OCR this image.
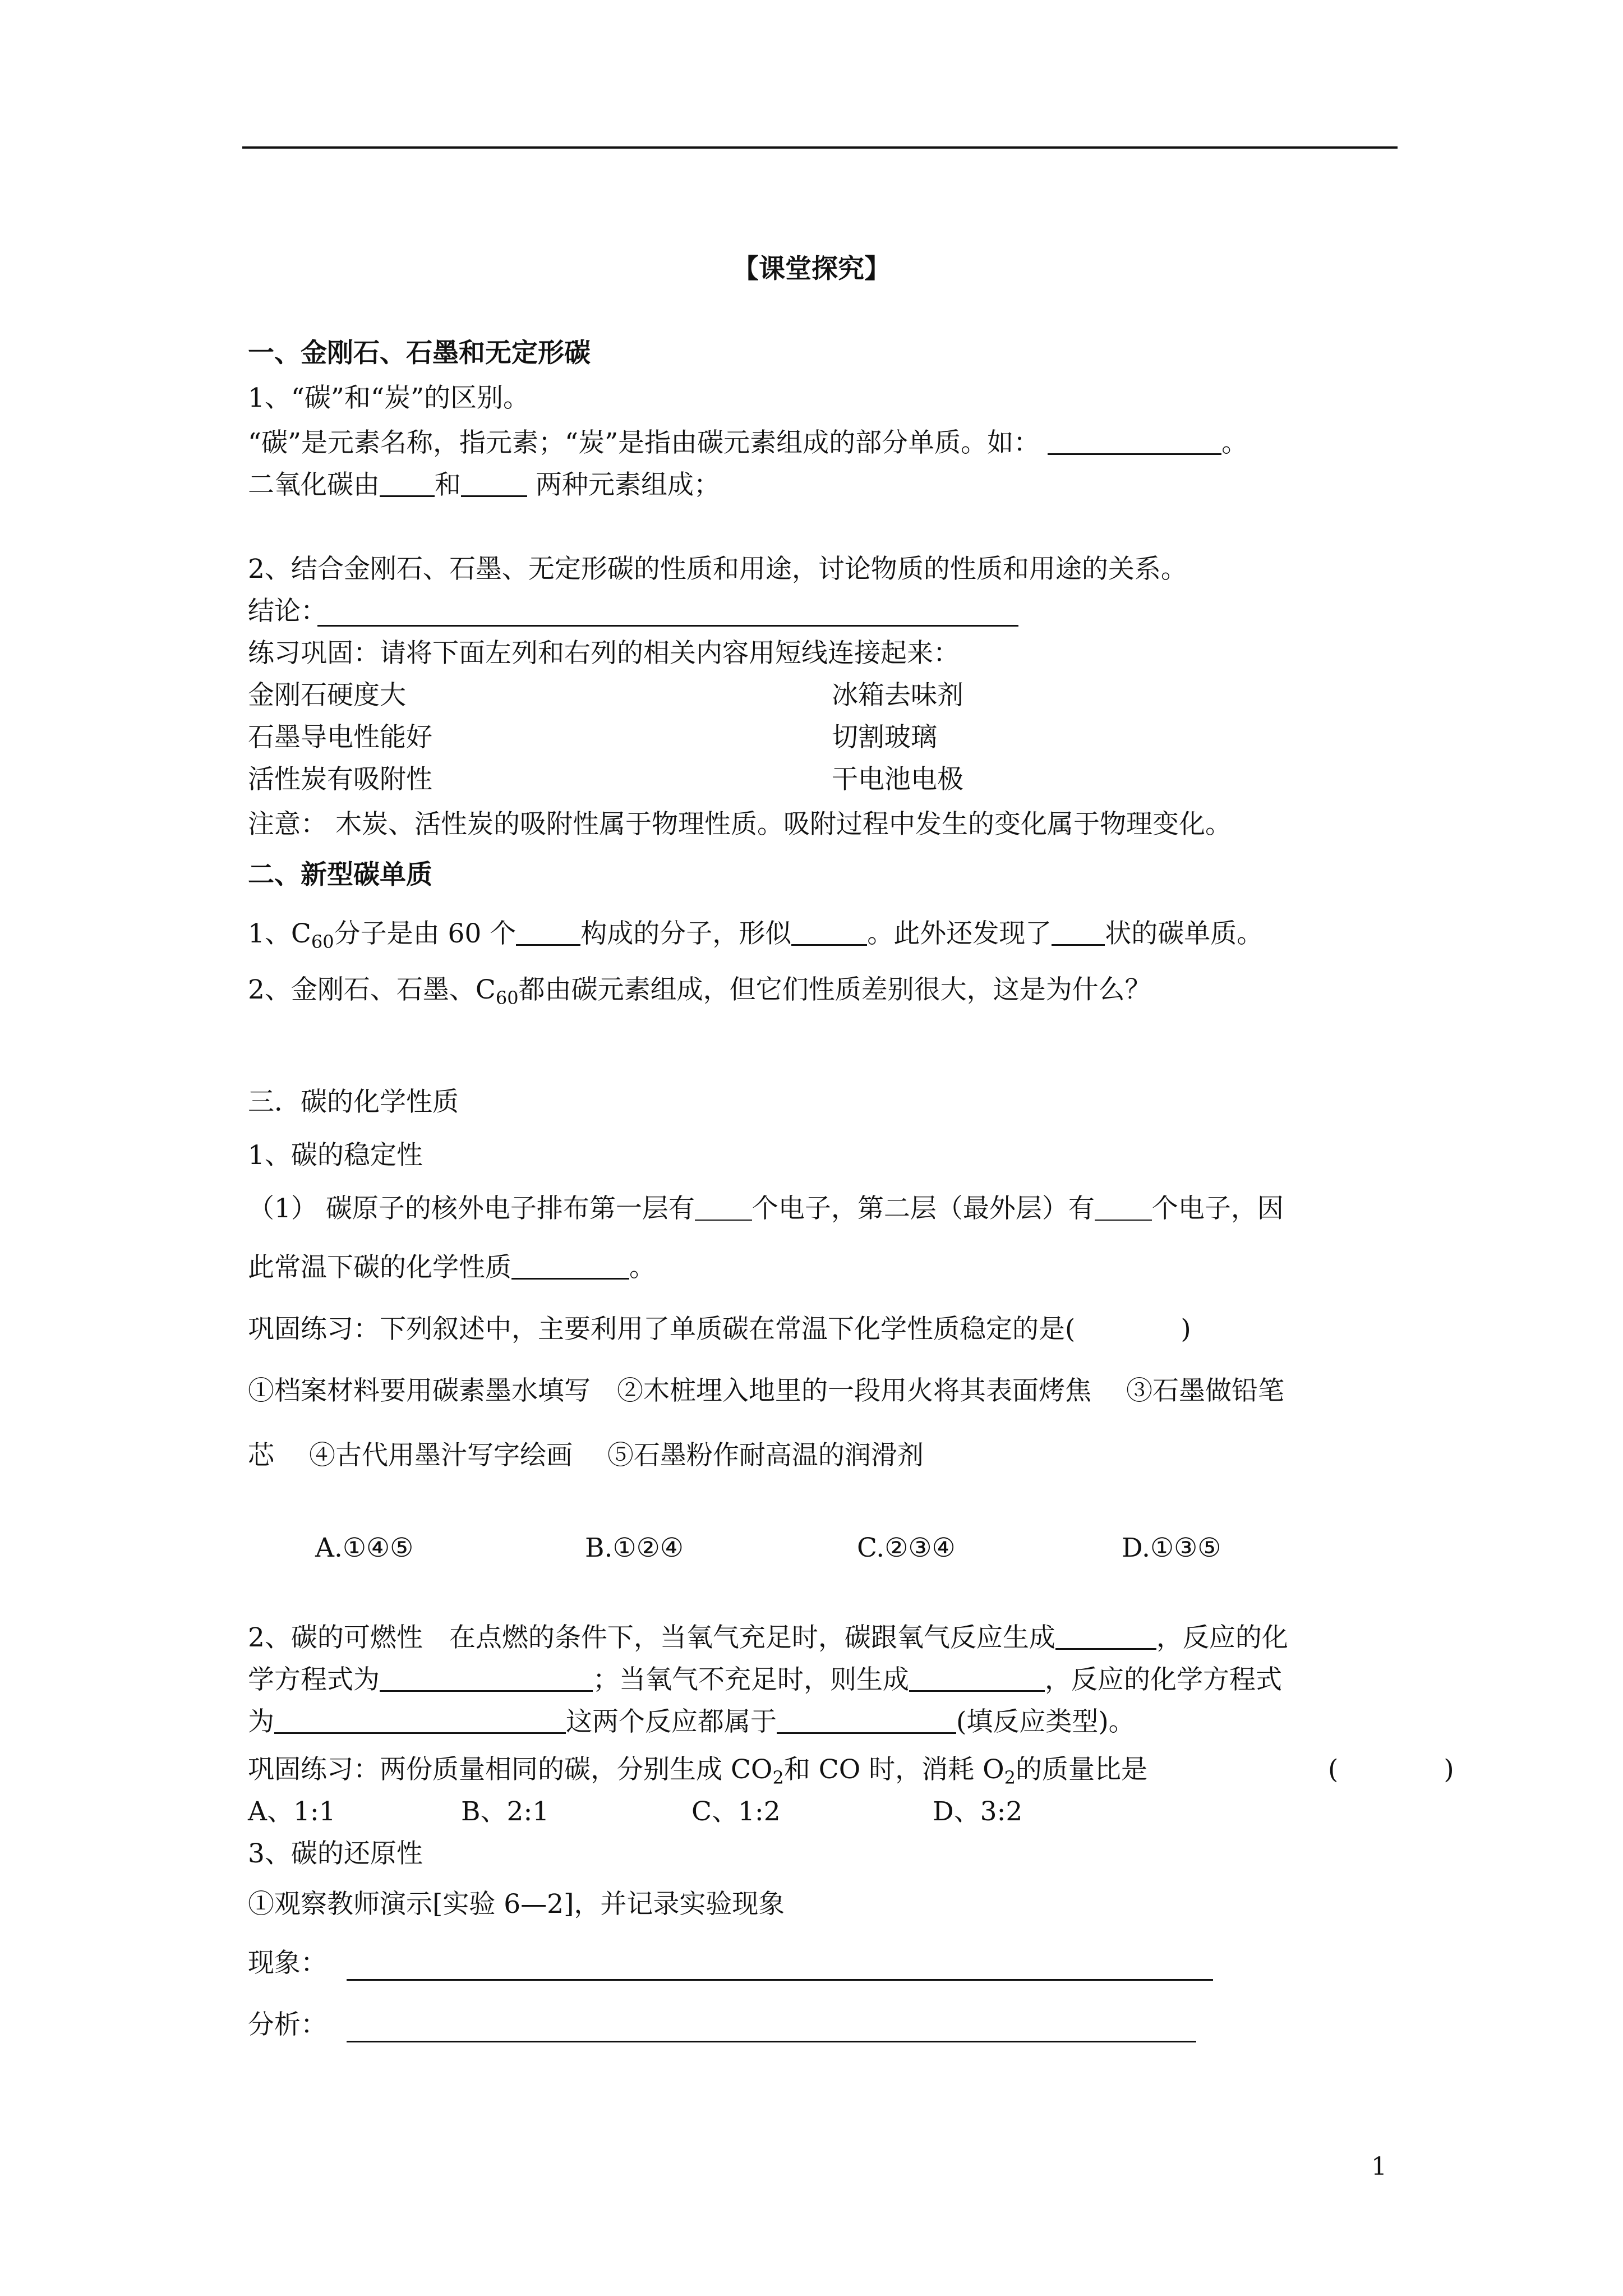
【课堂探究】
一、金刚石、石墨和无定形碳
1、“碳”和“炭”的区别。
“碳”是元素名称，指元素；“炭”是指由碳元素组成的部分单质。如：	。
二氧化碳由 和	两种元素组成；
2、结合金刚石、石墨、无定形碳的性质和用途，讨论物质的性质和用途的关系。
结论：
练习巩固：请将下面左列和右列的相关内容用短线连接起来：
金刚石硬度大	冰箱去味剂
石墨导电性能好	切割玻璃
活性炭有吸附性	干电池电极
注意： 木炭、活性炭的吸附性属于物理性质。吸附过程中发生的变化属于物理变化。
二、新型碳单质
1、$C_{60}$分子是由 60 个 构成的分子，形似	。此外还发现了 状的碳单质。
2、金刚石、石墨、$C_{60}$都由碳元素组成，但它们性质差别很大，这是为什么？
三．碳的化学性质
1、碳的稳定性
（1） 碳原子的核外电子排布第一层有 个电子，第二层（最外层）有 个电子，因
此常温下碳的化学性质	。
巩固练习：下列叙述中，主要利用了单质碳在常温下化学性质稳定的是(　　　　)
①档案材料要用碳素墨水填写　②木桩埋入地里的一段用火将其表面烤焦　 ③石墨做铅笔
芯　 ④古代用墨汁写字绘画　 ⑤石墨粉作耐高温的润滑剂
A.①④⑤	B.①②④	C.②③④	D.①③⑤
2、碳的可燃性　在点燃的条件下，当氧气充足时，碳跟氧气反应生成	，反应的化
学方程式为	；当氧气不充足时，则生成	，反应的化学方程式
为	这两个反应都属于	(填反应类型)。
巩固练习：两份质量相同的碳，分别生成 $CO_2$和 CO 时，消耗 $O_2$的质量比是	(　　　　)
A、1:1	B、2:1	C、1:2	D、3:2
3、碳的还原性
①观察教师演示[实验 6—2]，并记录实验现象
现象：
分析：
1
